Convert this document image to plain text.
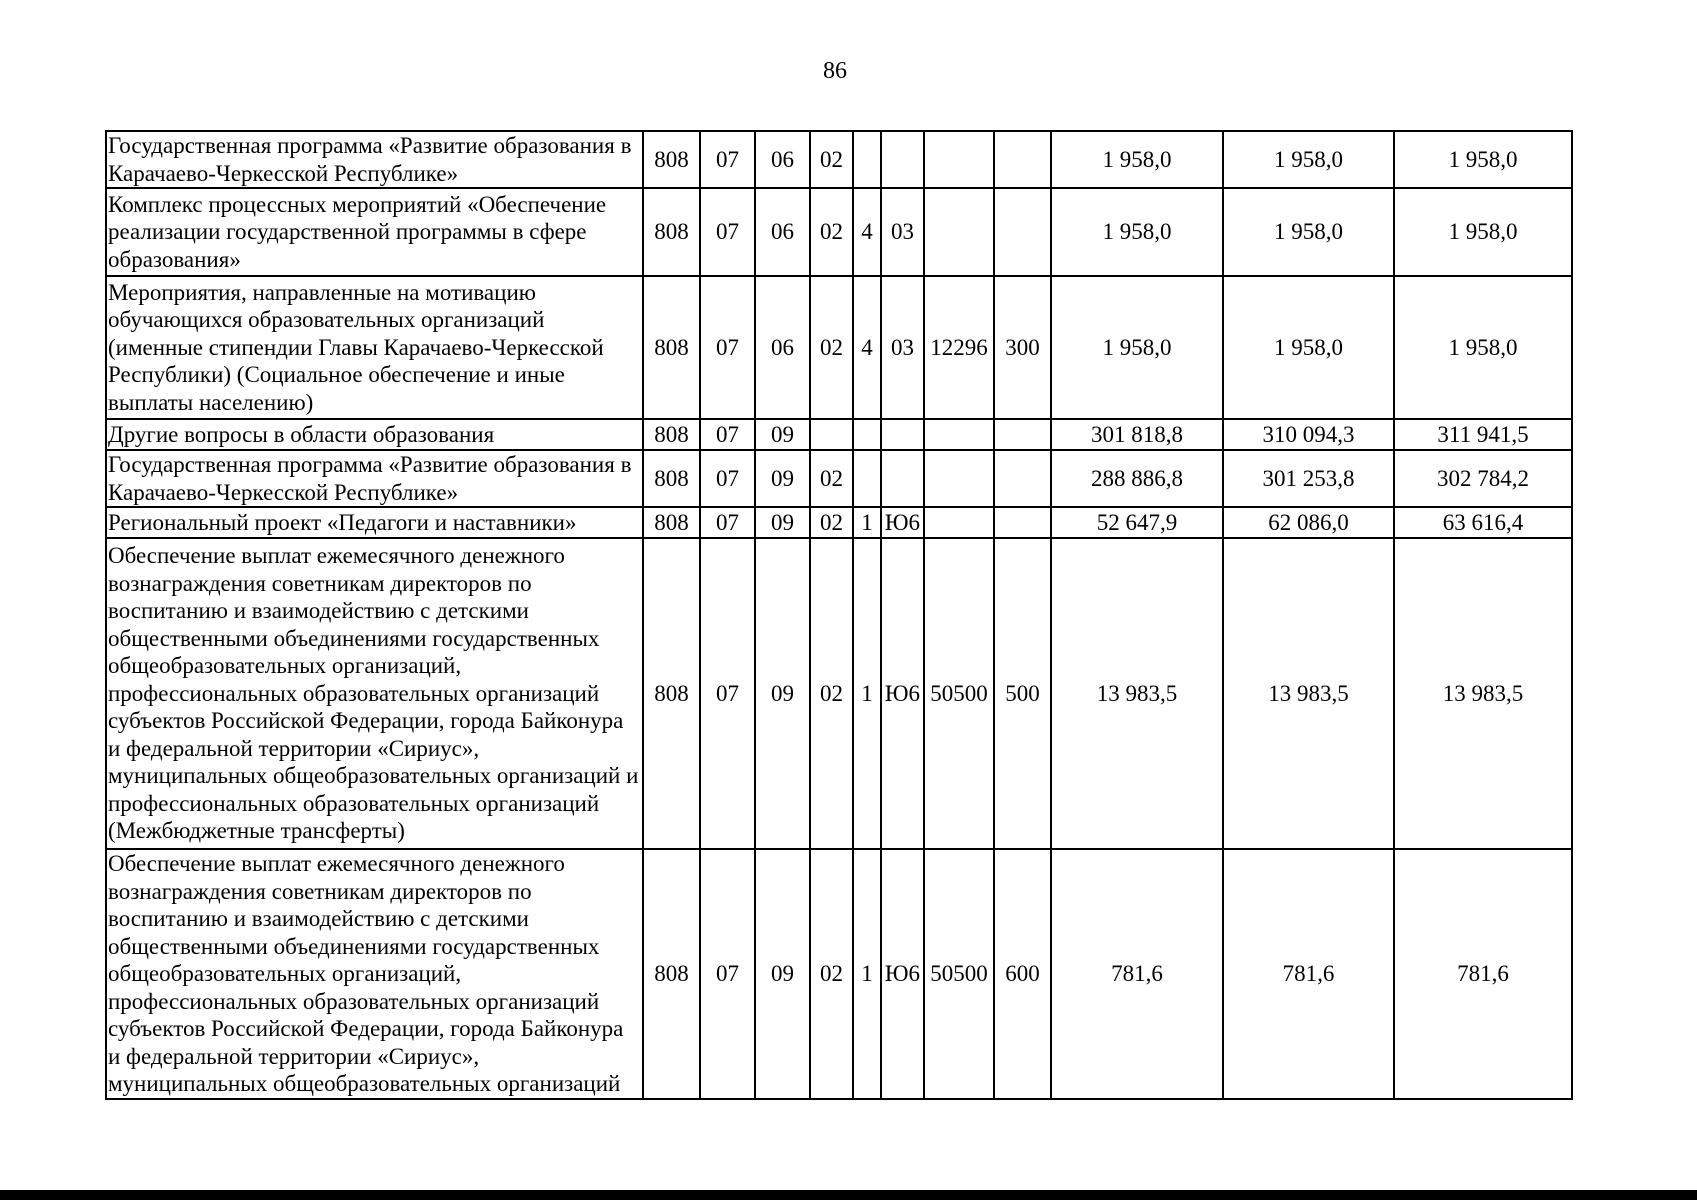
86
Государственная программа «Развитие образования в Карачаево-Черкесской Республике»	808	07	06	02					1 958,0	1 958,0	1 958,0
Комплекс процессных мероприятий «Обеспечение реализации государственной программы в сфере образования»	808	07	06	02	4	03			1 958,0	1 958,0	1 958,0
Мероприятия, направленные на мотивацию обучающихся образовательных организаций (именные стипендии Главы Карачаево-Черкесской Республики) (Социальное обеспечение и иные выплаты населению)	808	07	06	02	4	03	12296	300	1 958,0	1 958,0	1 958,0
Другие вопросы в области образования	808	07	09						301 818,8	310 094,3	311 941,5
Государственная программа «Развитие образования в Карачаево-Черкесской Республике»	808	07	09	02					288 886,8	301 253,8	302 784,2
Региональный проект «Педагоги и наставники»	808	07	09	02	1	Ю6			52 647,9	62 086,0	63 616,4
Обеспечение выплат ежемесячного денежного вознаграждения советникам директоров по воспитанию и взаимодействию с детскими общественными объединениями государственных общеобразовательных организаций, профессиональных образовательных организаций субъектов Российской Федерации, города Байконура и федеральной территории «Сириус», муниципальных общеобразовательных организаций и профессиональных образовательных организаций (Межбюджетные трансферты)	808	07	09	02	1	Ю6	50500	500	13 983,5	13 983,5	13 983,5
Обеспечение выплат ежемесячного денежного вознаграждения советникам директоров по воспитанию и взаимодействию с детскими общественными объединениями государственных общеобразовательных организаций, профессиональных образовательных организаций субъектов Российской Федерации, города Байконура и федеральной территории «Сириус», муниципальных общеобразовательных организаций	808	07	09	02	1	Ю6	50500	600	781,6	781,6	781,6
